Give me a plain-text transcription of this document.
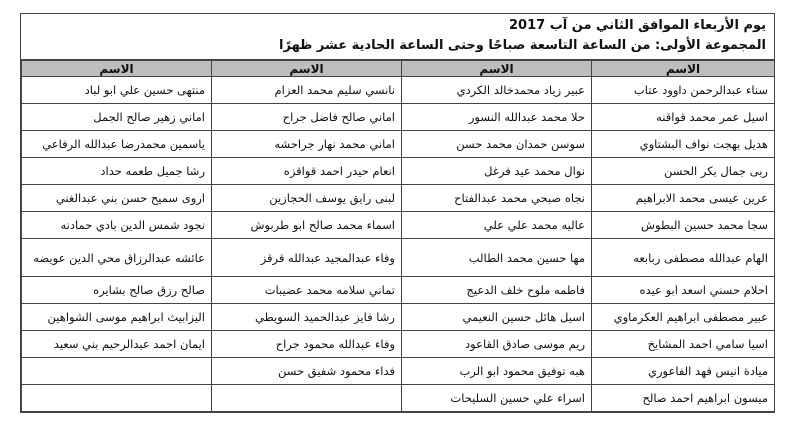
يوم الأربعاء الموافق الثاني من آب 2017
المجموعة الأولى: من الساعة التاسعة صباحًا وحتى الساعة الحادية عشر ظهرًا
الاسم	الاسم	الاسم	الاسم
سناء عبدالرحمن داوود عتاب	عبير زياد محمدخالد الكردي	نانسي سليم محمد العزام	منتهى حسين علي ابو لباد
اسيل عمر محمد قواقنه	حلا محمد عبدالله النسور	اماني صالح فاضل جراح	اماني زهير صالح الجمل
هديل بهجت نواف البشتاوي	سوسن حمدان محمد حسن	اماني محمد نهار جراحشه	ياسمين محمدرضا عبدالله الرفاعي
ربى جمال بكر الحسن	نوال محمد عيد فرغل	انعام حيدر احمد قواقزه	رشا جميل طعمه حداد
عرين عيسى محمد الابراهيم	نجاه صبحي محمد عبدالفتاح	لبنى رايق يوسف الحجازين	اروى سميح حسن بني عبدالغني
سجا محمد حسين البطوش	عاليه محمد علي علي	اسماء محمد صالح ابو طربوش	نجود شمس الدين بادي حمادنه
الهام عبدالله مصطفى ربابعه	مها حسين محمد الطالب	وفاء عبدالمجيد عبدالله قرقز	عائشه عبدالرزاق محي الدين عويضه
احلام حسني اسعد ابو عيده	فاطمه ملوح خلف الدعيج	تماني سلامه محمد عضيبات	صالح رزق صالح بشايره
عبير مصطفى ابراهيم العكرماوي	اسيل هائل حسين النعيمي	رشا فايز عبدالحميد السويطي	اليزابيث ابراهيم موسى الشواهين
اسيا سامي احمد المشايخ	ريم موسى صادق القاعود	وفاء عبدالله محمود جراح	ايمان احمد عبدالرحيم بني سعيد
ميادة انيس فهد الفاعوري	هبه توفيق محمود ابو الرب	فداء محمود شفيق حسن	
ميسون ابراهيم احمد صالح	اسراء علي حسين السليحات		
